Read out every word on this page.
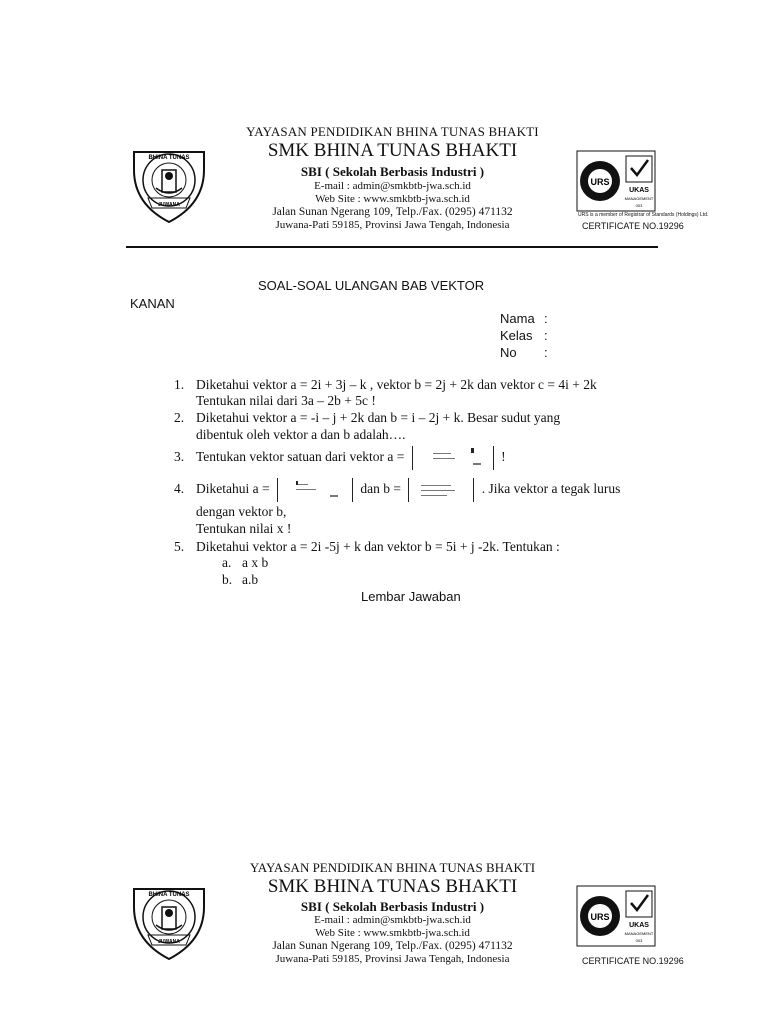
BHINA TUNAS
JUWANA
YAYASAN PENDIDIKAN BHINA TUNAS BHAKTI
SMK BHINA TUNAS BHAKTI
SBI ( Sekolah Berbasis Industri )
E-mail : admin@smkbtb-jwa.sch.id
Web Site : www.smkbtb-jwa.sch.id
Jalan Sunan Ngerang 109, Telp./Fax. (0295) 471132
Juwana-Pati 59185, Provinsi Jawa Tengah, Indonesia
URS
UKAS
MANAGEMENT
003
URS is a member of Registrar of Standards (Holdings) Ltd.
CERTIFICATE NO.19296
SOAL-SOAL ULANGAN BAB VEKTOR
KANAN
Nama :
Kelas :
No :
1. Diketahui vektor a = 2i + 3j – k , vektor b = 2j + 2k dan vektor c = 4i + 2k
Tentukan nilai dari 3a – 2b + 5c !
2. Diketahui vektor a = -i – j + 2k dan b = i – 2j + k. Besar sudut yang
dibentuk oleh vektor a dan b adalah….
3. Tentukan vektor satuan dari vektor a =	!
4. Diketahui a =	dan b =	. Jika vektor a tegak lurus
dengan vektor b,
Tentukan nilai x !
5. Diketahui vektor a = 2i -5j + k dan vektor b = 5i + j -2k. Tentukan :
a. a x b
b. a.b
Lembar Jawaban
BHINA TUNAS
JUWANA
YAYASAN PENDIDIKAN BHINA TUNAS BHAKTI
SMK BHINA TUNAS BHAKTI
SBI ( Sekolah Berbasis Industri )
E-mail : admin@smkbtb-jwa.sch.id
Web Site : www.smkbtb-jwa.sch.id
Jalan Sunan Ngerang 109, Telp./Fax. (0295) 471132
Juwana-Pati 59185, Provinsi Jawa Tengah, Indonesia
URS
UKAS
MANAGEMENT
003
CERTIFICATE NO.19296
